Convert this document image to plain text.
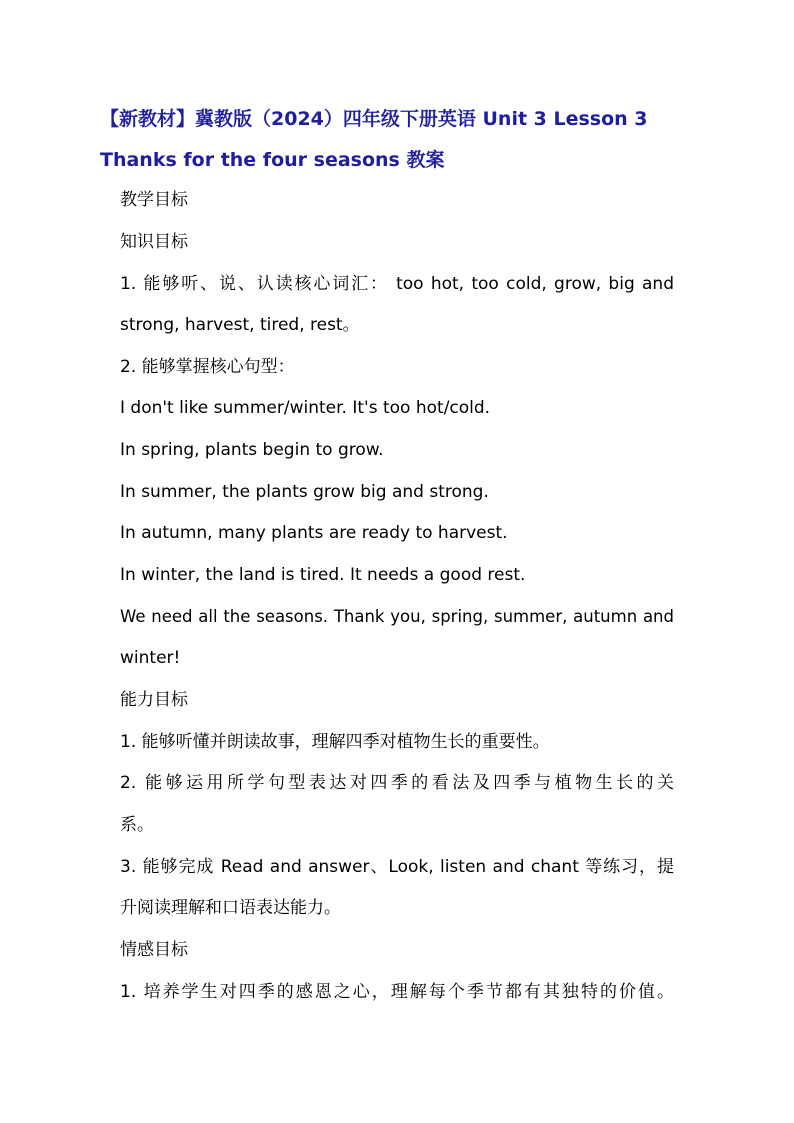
【新教材】冀教版（2024）四年级下册英语 Unit 3 Lesson 3
Thanks for the four seasons 教案
教学目标
知识目标
1. 能够听、说、认读核心词汇： too hot, too cold, grow, big and
strong, harvest, tired, rest。
2. 能够掌握核心句型：
I don't like summer/winter. It's too hot/cold.
In spring, plants begin to grow.
In summer, the plants grow big and strong.
In autumn, many plants are ready to harvest.
In winter, the land is tired. It needs a good rest.
We need all the seasons. Thank you, spring, summer, autumn and
winter!
能力目标
1. 能够听懂并朗读故事，理解四季对植物生长的重要性。
2. 能够运用所学句型表达对四季的看法及四季与植物生长的关
系。
3. 能够完成 Read and answer、Look, listen and chant 等练习，提
升阅读理解和口语表达能力。
情感目标
1. 培养学生对四季的感恩之心，理解每个季节都有其独特的价值。
